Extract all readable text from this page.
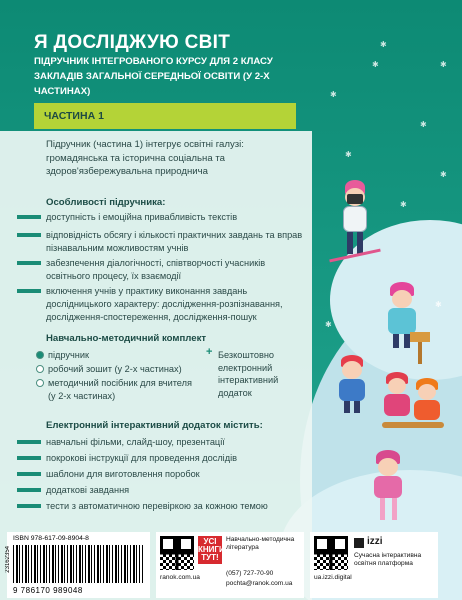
✱
✱
✱
✱
✱
✱
✱
✱
✱
✱
Я ДОСЛІДЖУЮ СВІТ
ПІДРУЧНИК ІНТЕГРОВАНОГО КУРСУ ДЛЯ 2 КЛАСУ ЗАКЛАДІВ ЗАГАЛЬНОЇ СЕРЕДНЬОЇ ОСВІТИ (У 2-Х ЧАСТИНАХ)
ЧАСТИНА 1
Підручник (частина 1) інтегрує освітні галузі: громадянська та історична соціальна та здоров'язбережувальна природнича
Особливості підручника:
доступність і емоційна привабливість текстів
відповідність обсягу і кількості практичних завдань та вправ пізнавальним можливостям учнів
забезпечення діалогічності, співтворчості учасників освітнього процесу, їх взаємодії
включення учнів у практику виконання завдань дослідницького характеру: дослідження-розпізнавання, дослідження-спостереження, дослідження-пошук
Навчально-методичний комплект
підручник
робочий зошит (у 2-х частинах)
методичний посібник для вчителя (у 2-х частинах)
+ Безкоштовно електронний інтерактивний додаток
Електронний інтерактивний додаток містить:
навчальні фільми, слайд-шоу, презентації
покрокові інструкції для проведення дослідів
шаблони для виготовлення поробок
додаткові завдання
тести з автоматичною перевіркою за кожною темою
ISBN 978-617-09-8904-8
9 786170 989048
23162354
ranok.com.ua
УСІ КНИГИ ТУТ!
Навчально-методична література
(057) 727-70-90
pochta@ranok.com.ua
ua.izzi.digital
izzi
Сучасна інтерактивна освітня платформа
